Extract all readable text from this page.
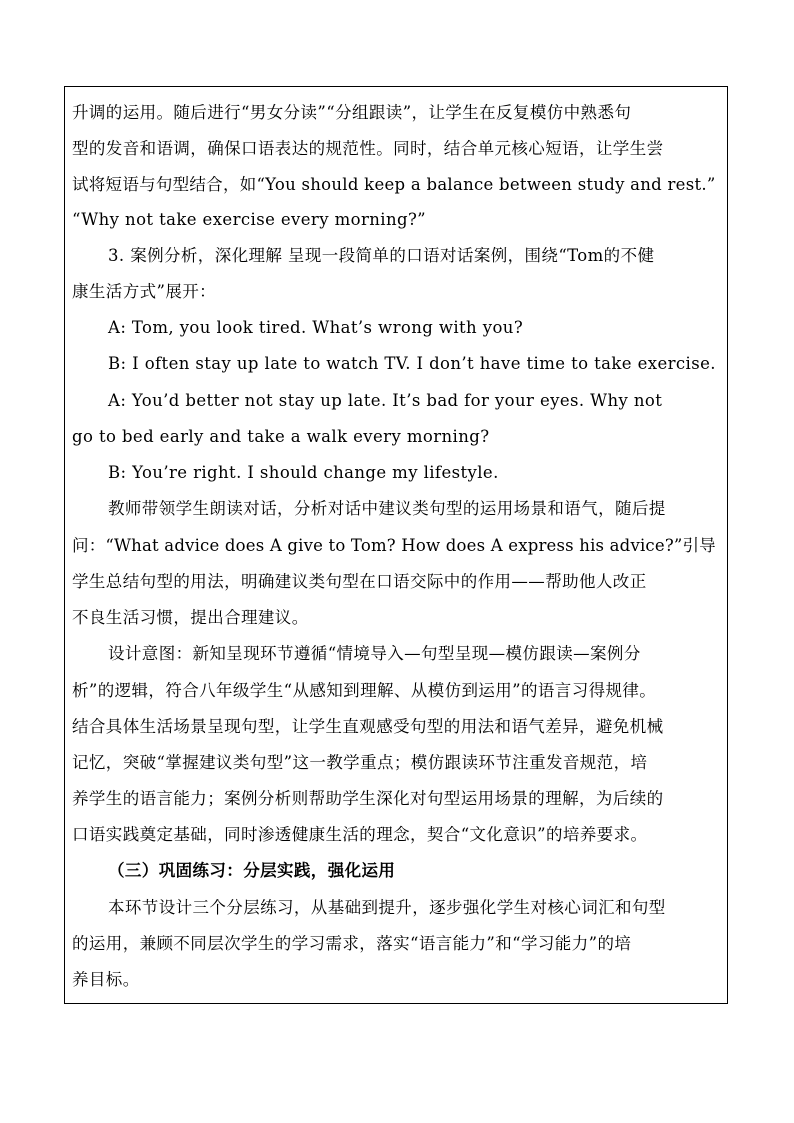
升调的运用。随后进行“男女分读”“分组跟读”，让学生在反复模仿中熟悉句
型的发音和语调，确保口语表达的规范性。同时，结合单元核心短语，让学生尝
试将短语与句型结合，如“You should keep a balance between study and rest.”
“Why not take exercise every morning?”
3. 案例分析，深化理解 呈现一段简单的口语对话案例，围绕“Tom的不健
康生活方式”展开：
A: Tom, you look tired. What’s wrong with you?
B: I often stay up late to watch TV. I don’t have time to take exercise.
A: You’d better not stay up late. It’s bad for your eyes. Why not
go to bed early and take a walk every morning?
B: You’re right. I should change my lifestyle.
教师带领学生朗读对话，分析对话中建议类句型的运用场景和语气，随后提
问：“What advice does A give to Tom? How does A express his advice?”引导
学生总结句型的用法，明确建议类句型在口语交际中的作用——帮助他人改正
不良生活习惯，提出合理建议。
设计意图：新知呈现环节遵循“情境导入—句型呈现—模仿跟读—案例分
析”的逻辑，符合八年级学生“从感知到理解、从模仿到运用”的语言习得规律。
结合具体生活场景呈现句型，让学生直观感受句型的用法和语气差异，避免机械
记忆，突破“掌握建议类句型”这一教学重点；模仿跟读环节注重发音规范，培
养学生的语言能力；案例分析则帮助学生深化对句型运用场景的理解，为后续的
口语实践奠定基础，同时渗透健康生活的理念，契合“文化意识”的培养要求。
（三）巩固练习：分层实践，强化运用
本环节设计三个分层练习，从基础到提升，逐步强化学生对核心词汇和句型
的运用，兼顾不同层次学生的学习需求，落实“语言能力”和“学习能力”的培
养目标。
